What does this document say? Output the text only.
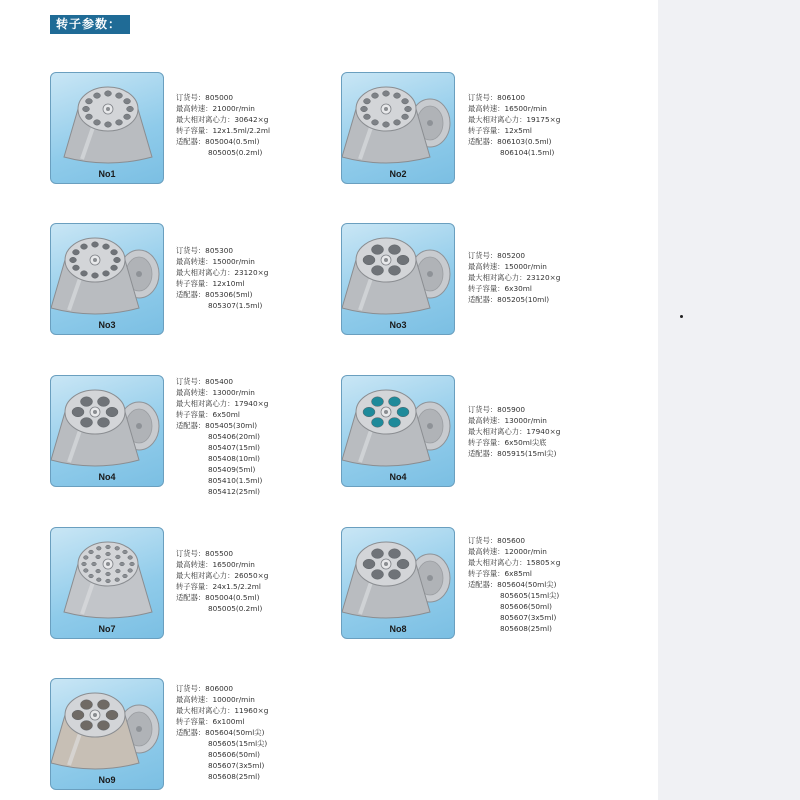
转子参数：
No1
订货号：805000
最高转速：21000r/min
最大相对离心力：30642×g
转子容量：12x1.5ml/2.2ml
适配器：805004(0.5ml)
805005(0.2ml)
No2
订货号：806100
最高转速：16500r/min
最大相对离心力：19175×g
转子容量：12x5ml
适配器：806103(0.5ml)
806104(1.5ml)
No3
订货号：805300
最高转速：15000r/min
最大相对离心力：23120×g
转子容量：12x10ml
适配器：805306(5ml)
805307(1.5ml)
No3
订货号：805200
最高转速：15000r/min
最大相对离心力：23120×g
转子容量：6x30ml
适配器：805205(10ml)
No4
订货号：805400
最高转速：13000r/min
最大相对离心力：17940×g
转子容量：6x50ml
适配器：805405(30ml)
805406(20ml)
805407(15ml)
805408(10ml)
805409(5ml)
805410(1.5ml)
805412(25ml)
No4
订货号：805900
最高转速：13000r/min
最大相对离心力：17940×g
转子容量：6x50ml尖底
适配器：805915(15ml尖)
No7
订货号：805500
最高转速：16500r/min
最大相对离心力：26050×g
转子容量：24x1.5/2.2ml
适配器：805004(0.5ml)
805005(0.2ml)
No8
订货号：805600
最高转速：12000r/min
最大相对离心力：15805×g
转子容量：6x85ml
适配器：805604(50ml尖)
805605(15ml尖)
805606(50ml)
805607(3x5ml)
805608(25ml)
No9
订货号：806000
最高转速：10000r/min
最大相对离心力：11960×g
转子容量：6x100ml
适配器：805604(50ml尖)
805605(15ml尖)
805606(50ml)
805607(3x5ml)
805608(25ml)
